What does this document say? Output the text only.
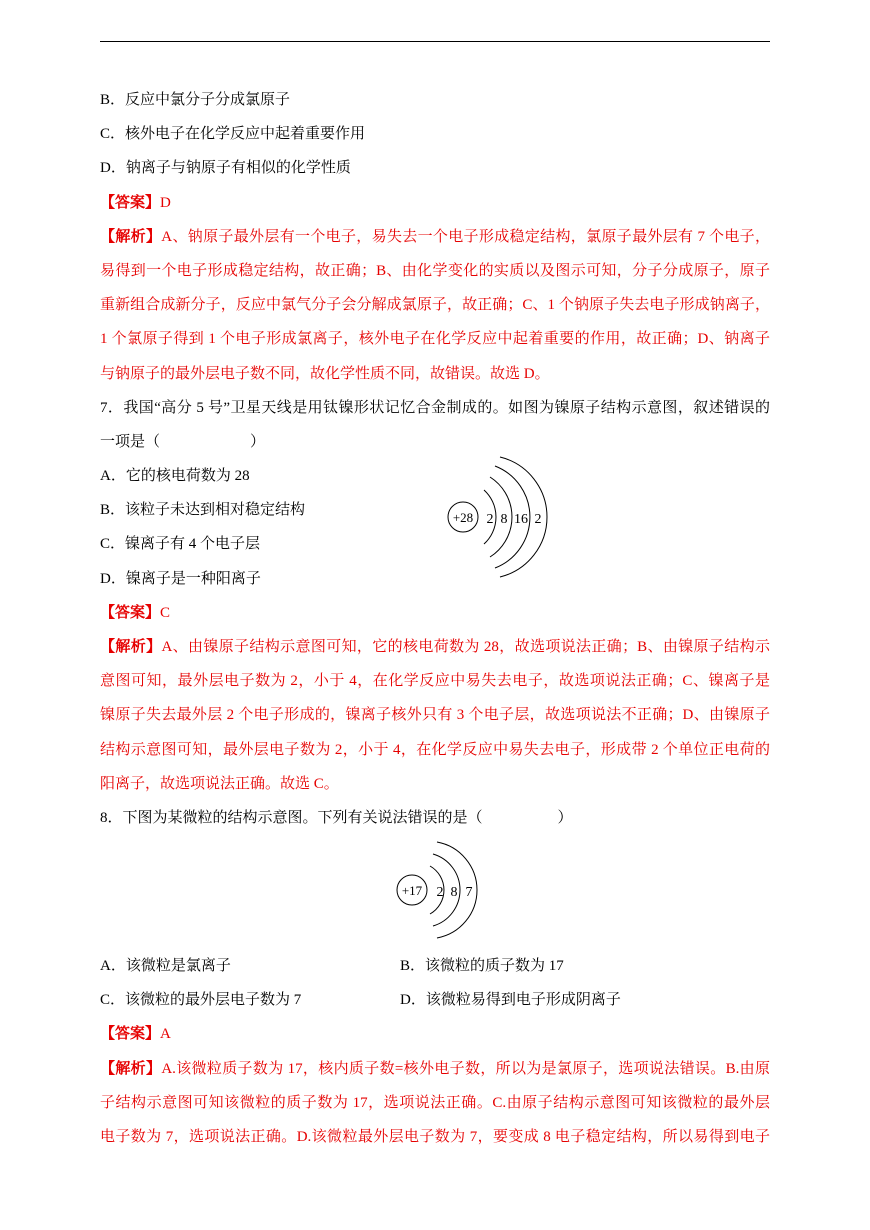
B．反应中氯分子分成氯原子
C．核外电子在化学反应中起着重要作用
D．钠离子与钠原子有相似的化学性质
【答案】D
【解析】A、钠原子最外层有一个电子，易失去一个电子形成稳定结构，氯原子最外层有 7 个电子，
易得到一个电子形成稳定结构，故正确；B、由化学变化的实质以及图示可知，分子分成原子，原子
重新组合成新分子，反应中氯气分子会分解成氯原子，故正确；C、1 个钠原子失去电子形成钠离子，
1 个氯原子得到 1 个电子形成氯离子，核外电子在化学反应中起着重要的作用，故正确；D、钠离子
与钠原子的最外层电子数不同，故化学性质不同，故错误。故选 D。
7．我国“高分 5 号”卫星天线是用钛镍形状记忆合金制成的。如图为镍原子结构示意图，叙述错误的
一项是（　　　　　　）
A．它的核电荷数为 28
B．该粒子未达到相对稳定结构
C．镍离子有 4 个电子层
D．镍离子是一种阳离子
【答案】C
【解析】A、由镍原子结构示意图可知，它的核电荷数为 28，故选项说法正确；B、由镍原子结构示
意图可知，最外层电子数为 2，小于 4，在化学反应中易失去电子，故选项说法正确；C、镍离子是
镍原子失去最外层 2 个电子形成的，镍离子核外只有 3 个电子层，故选项说法不正确；D、由镍原子
结构示意图可知，最外层电子数为 2，小于 4，在化学反应中易失去电子，形成带 2 个单位正电荷的
阳离子，故选项说法正确。故选 C。
8．下图为某微粒的结构示意图。下列有关说法错误的是（　　　　　）
+28 2 8 16 2
+17 2 8 7
A．该微粒是氯离子	B．该微粒的质子数为 17
C．该微粒的最外层电子数为 7	D．该微粒易得到电子形成阴离子
【答案】A
【解析】A.该微粒质子数为 17，核内质子数=核外电子数，所以为是氯原子，选项说法错误。B.由原
子结构示意图可知该微粒的质子数为 17，选项说法正确。C.由原子结构示意图可知该微粒的最外层
电子数为 7，选项说法正确。D.该微粒最外层电子数为 7，要变成 8 电子稳定结构，所以易得到电子
